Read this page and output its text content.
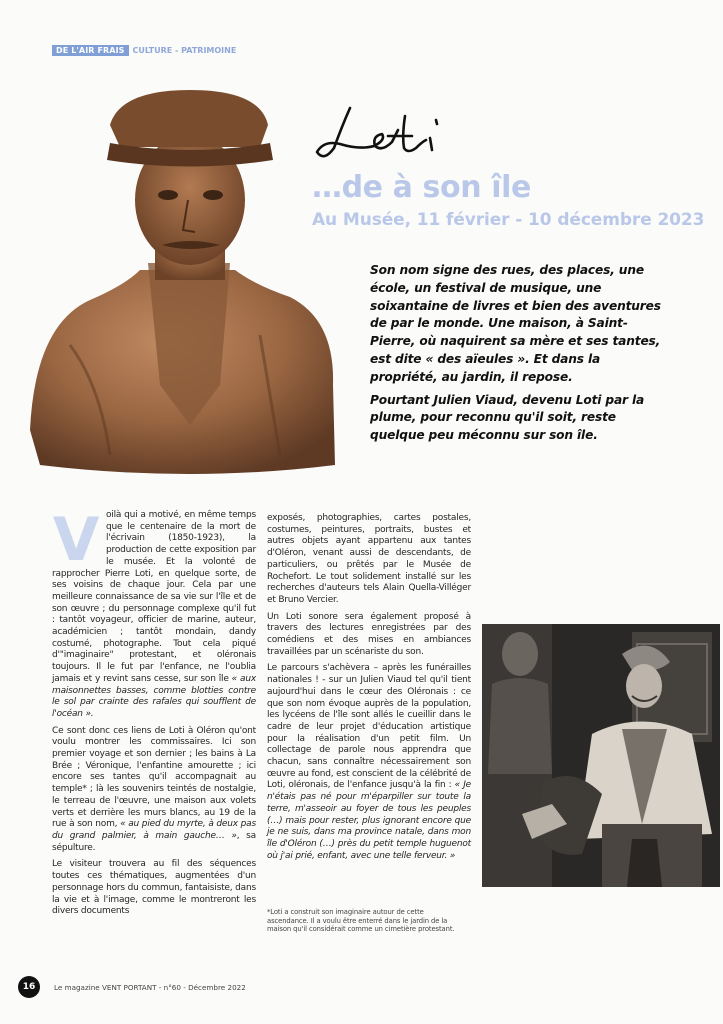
DE L'AIR FRAIS	CULTURE - PATRIMOINE
…de à son île
Au Musée, 11 février - 10 décembre 2023

Son nom signe des rues, des places, une école, un festival de musique, une soixantaine de livres et bien des aventures de par le monde. Une maison, à Saint-Pierre, où naquirent sa mère et ses tantes, est dite « des aïeules ». Et dans la propriété, au jardin, il repose.

Pourtant Julien Viaud, devenu Loti par la plume, pour reconnu qu'il soit, reste quelque peu méconnu sur son île.

V oilà qui a motivé, en même temps que le centenaire de la mort de l'écrivain (1850-1923), la production de cette exposition par le musée. Et la volonté de rapprocher Pierre Loti, en quelque sorte, de ses voisins de chaque jour. Cela par une meilleure connaissance de sa vie sur l'île et de son œuvre ; du personnage complexe qu'il fut : tantôt voyageur, officier de marine, auteur, académicien ; tantôt mondain, dandy costumé, photographe. Tout cela piqué d'"imaginaire" protestant, et oléronais toujours. Il le fut par l'enfance, ne l'oublia jamais et y revint sans cesse, sur son île « aux maisonnettes basses, comme blotties contre le sol par crainte des rafales qui soufflent de l'océan ».

Ce sont donc ces liens de Loti à Oléron qu'ont voulu montrer les commissaires. Ici son premier voyage et son dernier ; les bains à La Brée ; Véronique, l'enfantine amourette ; ici encore ses tantes qu'il accompagnait au temple* ; là les souvenirs teintés de nostalgie, le terreau de l'œuvre, une maison aux volets verts et derrière les murs blancs, au 19 de la rue à son nom, « au pied du myrte, à deux pas du grand palmier, à main gauche… », sa sépulture.

Le visiteur trouvera au fil des séquences toutes ces thématiques, augmentées d'un personnage hors du commun, fantaisiste, dans la vie et à l'image, comme le montreront les divers documents

exposés, photographies, cartes postales, costumes, peintures, portraits, bustes et autres objets ayant appartenu aux tantes d'Oléron, venant aussi de descendants, de particuliers, ou prêtés par le Musée de Rochefort. Le tout solidement installé sur les recherches d'auteurs tels Alain Quella-Villéger et Bruno Vercier.

Un Loti sonore sera également proposé à travers des lectures enregistrées par des comédiens et des mises en ambiances travaillées par un scénariste du son.

Le parcours s'achèvera – après les funérailles nationales ! - sur un Julien Viaud tel qu'il tient aujourd'hui dans le cœur des Oléronais : ce que son nom évoque auprès de la population, les lycéens de l'île sont allés le cueillir dans le cadre de leur projet d'éducation artistique pour la réalisation d'un petit film. Un collectage de parole nous apprendra que chacun, sans connaître nécessairement son œuvre au fond, est conscient de la célébrité de Loti, oléronais, de l'enfance jusqu'à la fin : « Je n'étais pas né pour m'éparpiller sur toute la terre, m'asseoir au foyer de tous les peuples (…) mais pour rester, plus ignorant encore que je ne suis, dans ma province natale, dans mon île d'Oléron (…) près du petit temple huguenot où j'ai prié, enfant, avec une telle ferveur. »

*Loti a construit son imaginaire autour de cette ascendance. Il a voulu être enterré dans le jardin de la maison qu'il considérait comme un cimetière protestant.
16	Le magazine VENT PORTANT - n°60 - Décembre 2022
